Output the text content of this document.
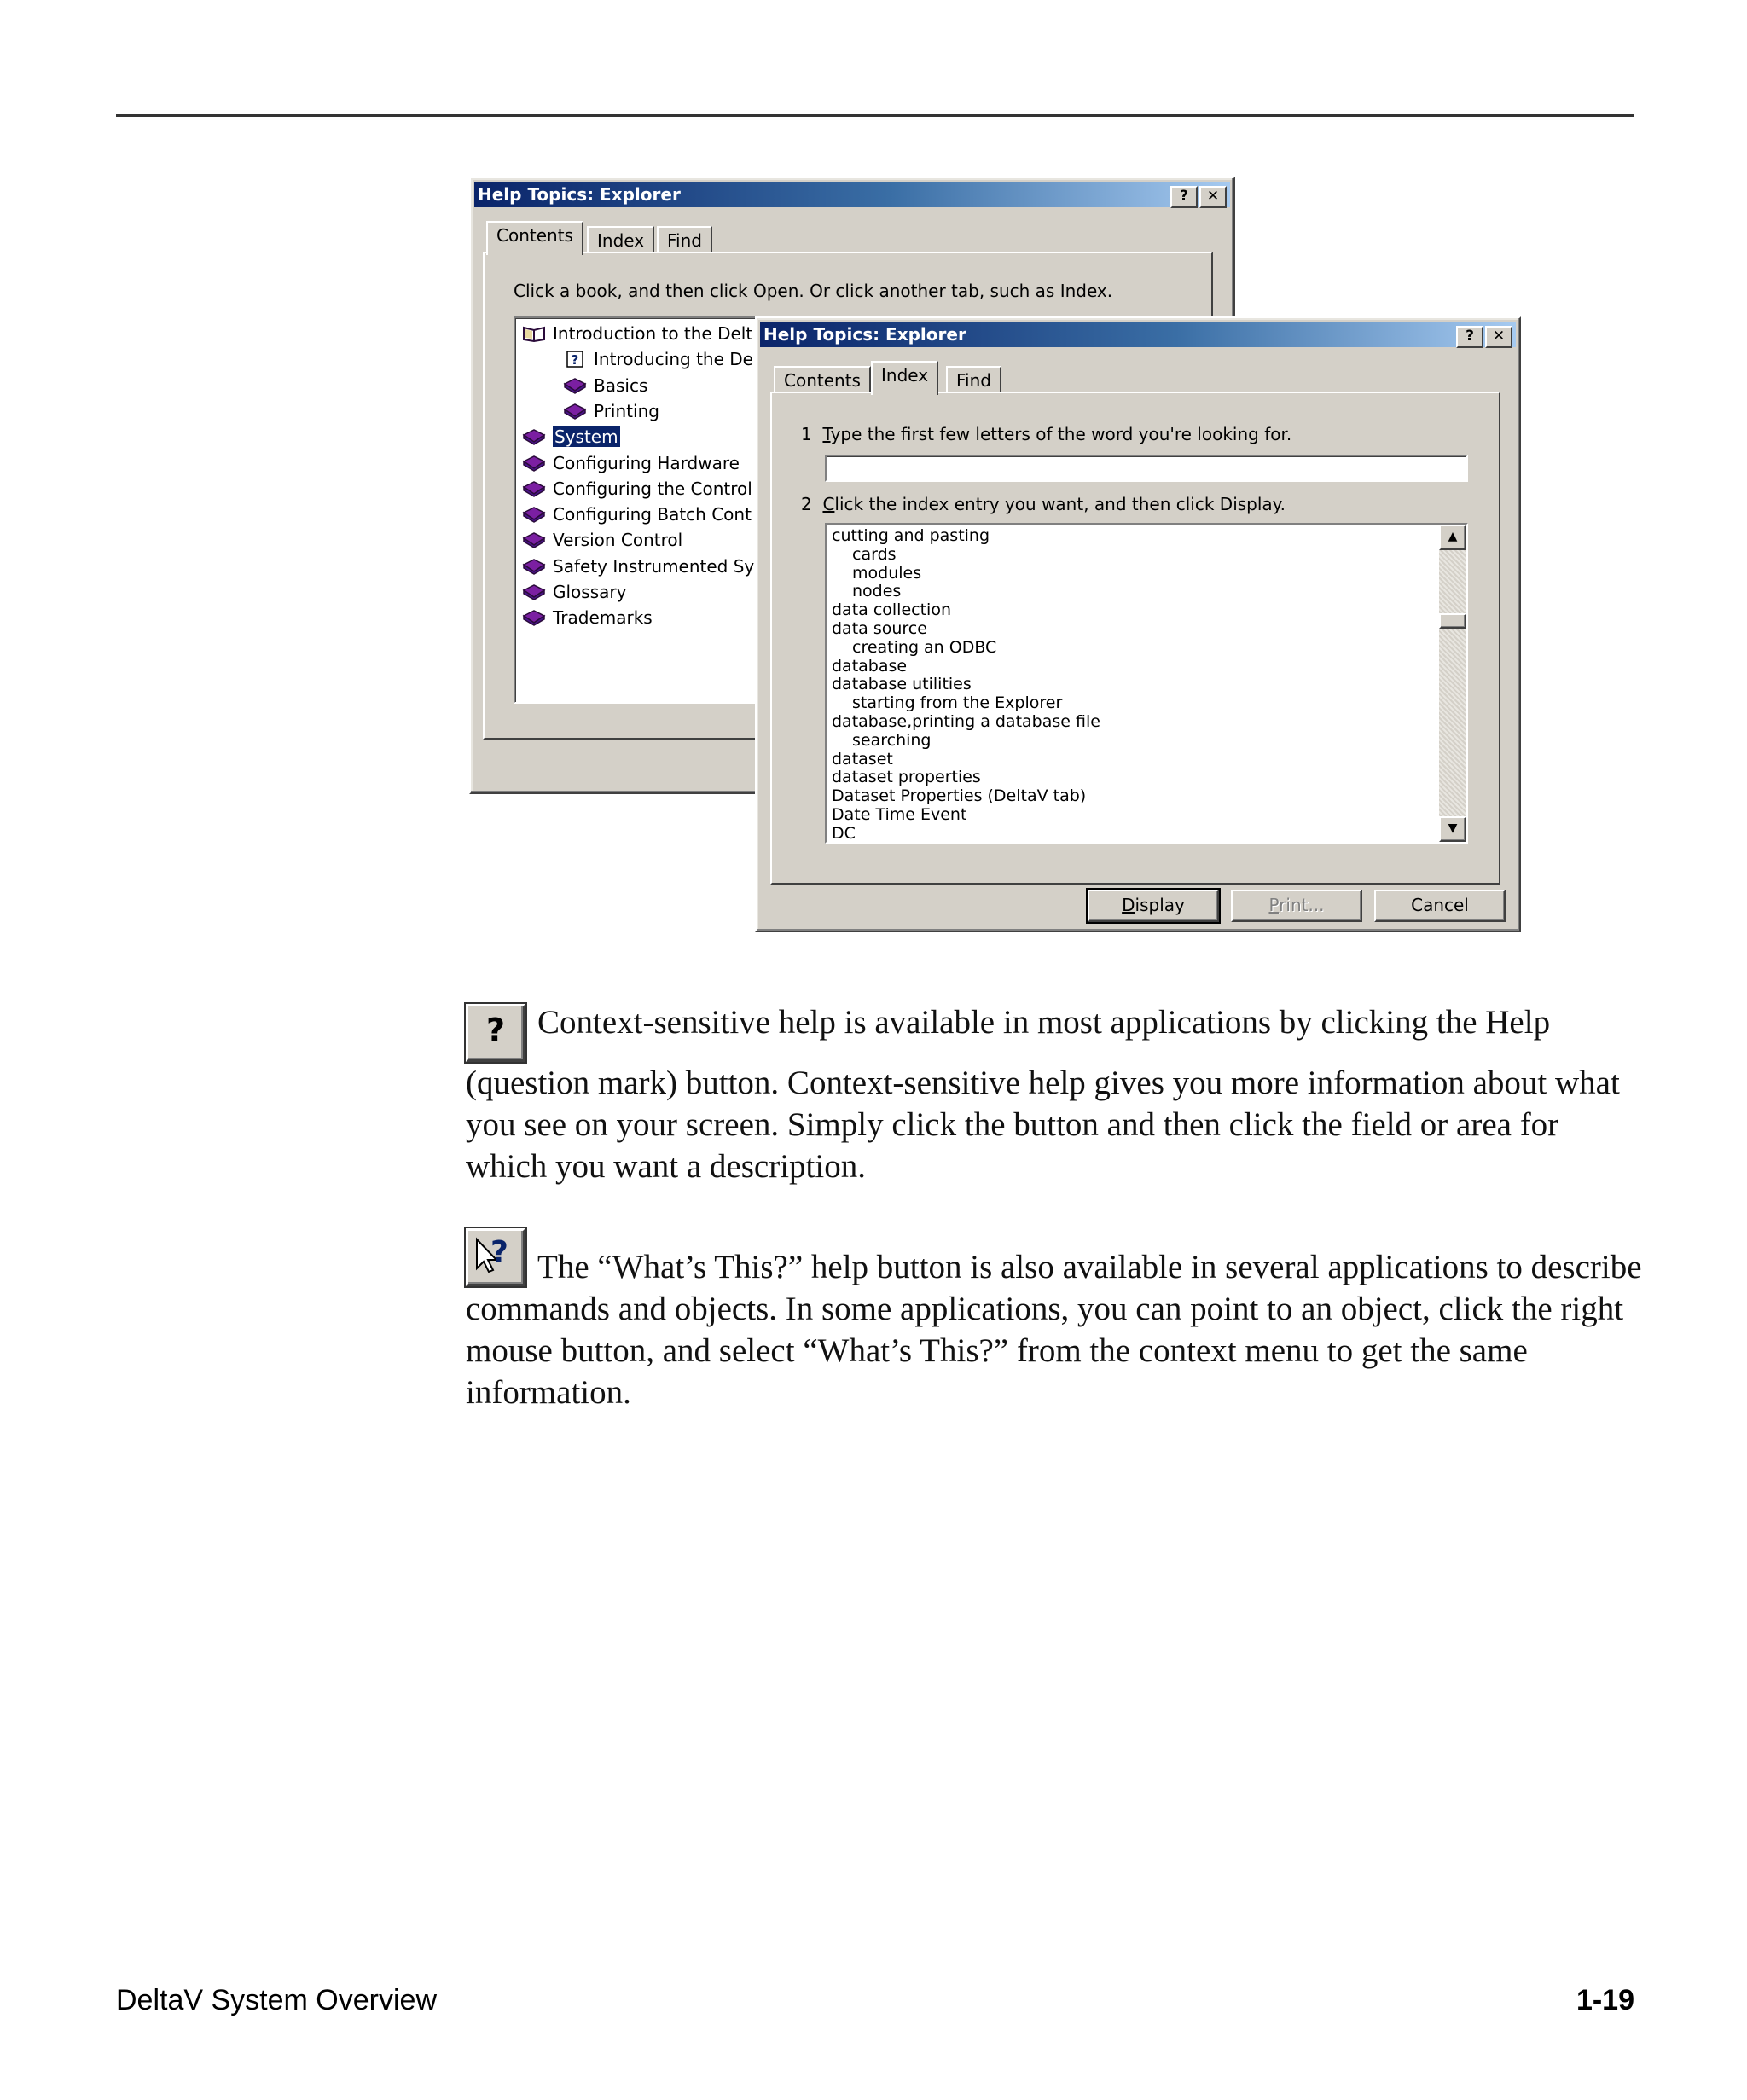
Help Topics: Explorer	?	✕
Contents	Index	Find
Click a book, and then click Open. Or click another tab, such as Index.
Introduction to the Delt
? Introducing the De
Basics
Printing
System
Configuring Hardware
Configuring the Control
Configuring Batch Cont
Version Control
Safety Instrumented Sy
Glossary
Trademarks
Help Topics: Explorer	?	✕
Contents	Index	Find
1 Type the first few letters of the word you're looking for.
2 Click the index entry you want, and then click Display.
cutting and pasting
cards
modules
nodes
data collection
data source
creating an ODBC
database
database utilities
starting from the Explorer
database,printing a database file
searching
dataset
dataset properties
Dataset Properties (DeltaV tab)
Date Time Event
DC
▲
▼
Display	Print...	Cancel
? Context-sensitive help is available in most applications by clicking the Help (question mark) button. Context-sensitive help gives you more information about what you see on your screen. Simply click the button and then click the field or area for which you want a description.
? The “What’s This?” help button is also available in several applications to describe commands and objects. In some applications, you can point to an object, click the right mouse button, and select “What’s This?” from the context menu to get the same information.
DeltaV System Overview	1-19
